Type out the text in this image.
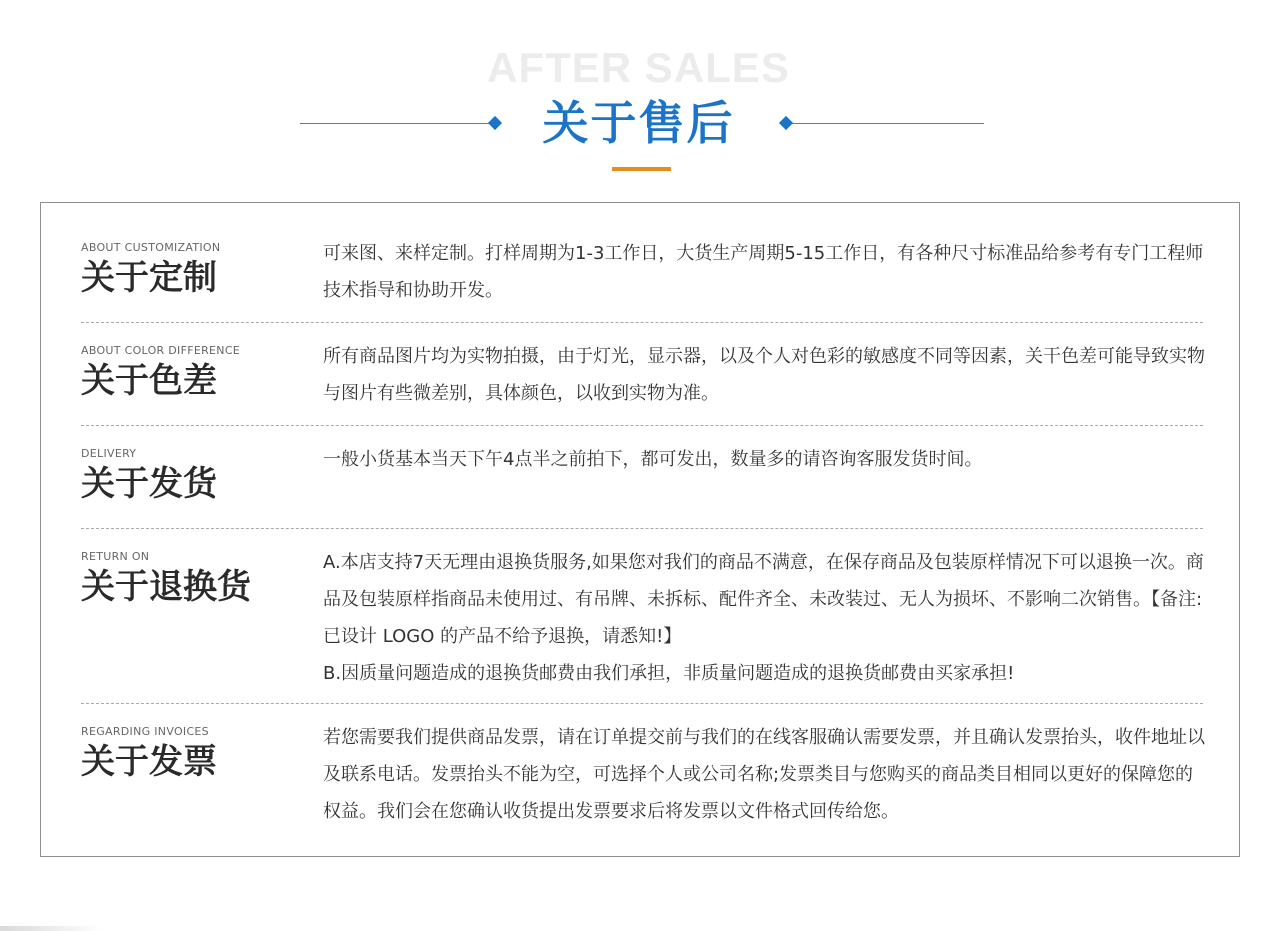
AFTER SALES
关于售后
ABOUT CUSTOMIZATION
关于定制

可来图、来样定制。打样周期为1-3工作日，大货生产周期5-15工作日，有各种尺寸标准品给参考有专门工程师技术指导和协助开发。

ABOUT COLOR DIFFERENCE
关于色差

所有商品图片均为实物拍摄，由于灯光，显示器，以及个人对色彩的敏感度不同等因素，关干色差可能导致实物与图片有些微差别，具体颜色，以收到实物为准。

DELIVERY
关于发货

一般小货基本当天下午4点半之前拍下，都可发出，数量多的请咨询客服发货时间。

RETURN ON
关于退换货

A.本店支持7天无理由退换货服务,如果您对我们的商品不满意，在保存商品及包装原样情况下可以退换一次。商品及包装原样指商品未使用过、有吊牌、未拆标、配件齐全、未改装过、无人为损坏、不影响二次销售。【备注:已设计 LOGO 的产品不给予退换，请悉知!】

B.因质量问题造成的退换货邮费由我们承担，非质量问题造成的退换货邮费由买家承担!

REGARDING INVOICES
关于发票

若您需要我们提供商品发票，请在订单提交前与我们的在线客服确认需要发票，并且确认发票抬头，收件地址以及联系电话。发票抬头不能为空，可选择个人或公司名称;发票类目与您购买的商品类目相同以更好的保障您的权益。我们会在您确认收货提出发票要求后将发票以文件格式回传给您。
